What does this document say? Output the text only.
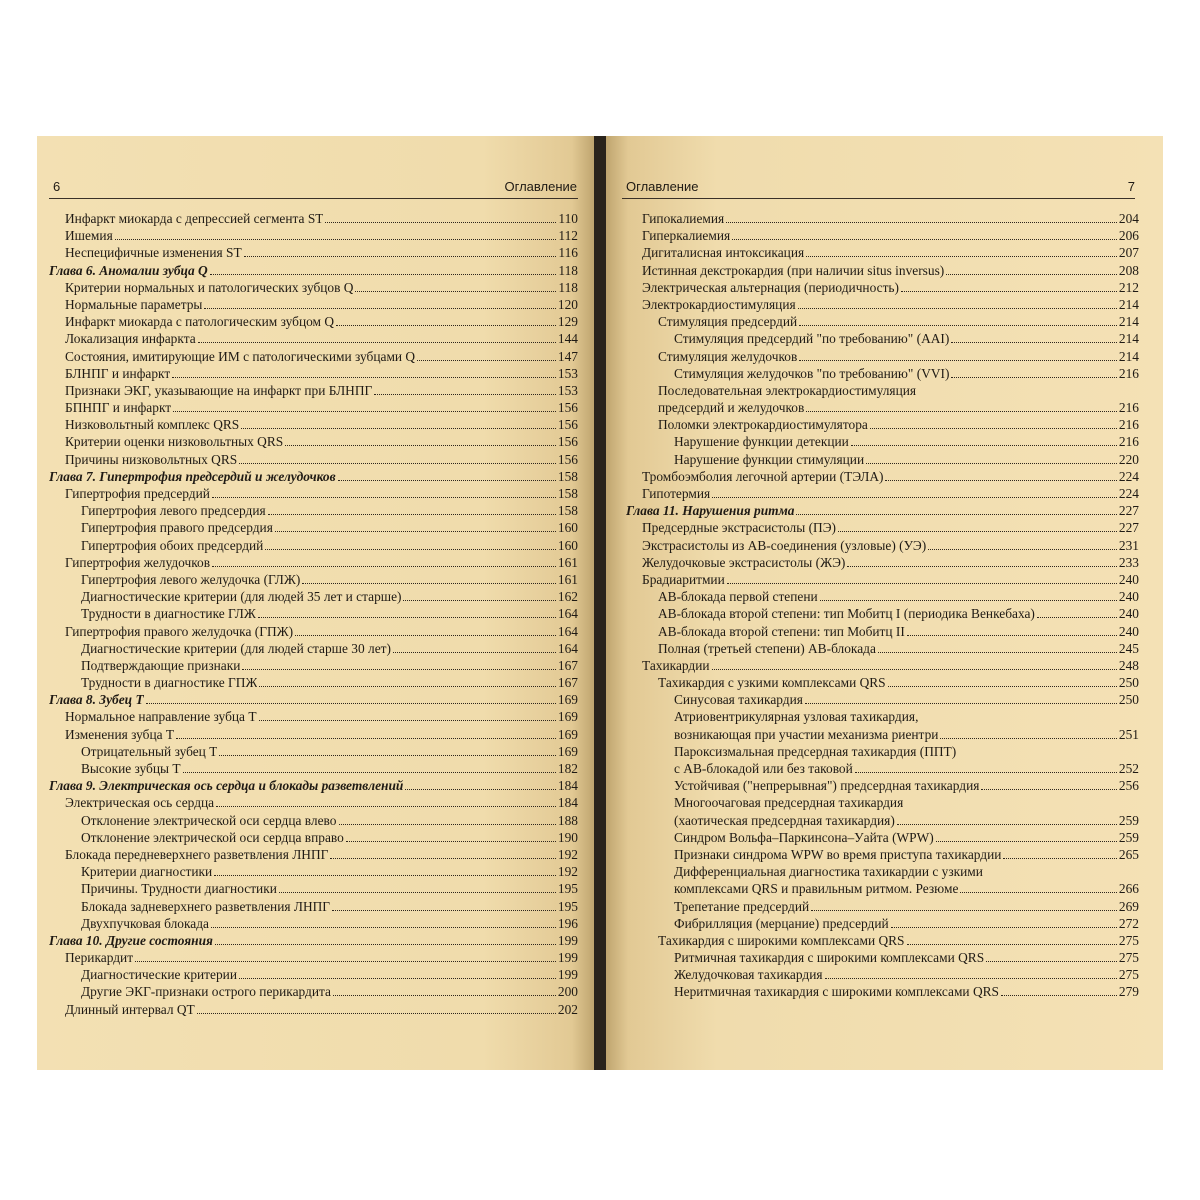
6	Оглавление
Инфаркт миокарда с депрессией сегмента ST	110
Ишемия	112
Неспецифичные изменения ST	116
Глава 6. Аномалии зубца Q	118
Критерии нормальных и патологических зубцов Q	118
Нормальные параметры	120
Инфаркт миокарда с патологическим зубцом Q	129
Локализация инфаркта	144
Состояния, имитирующие ИМ с патологическими зубцами Q	147
БЛНПГ и инфаркт	153
Признаки ЭКГ, указывающие на инфаркт при БЛНПГ	153
БПНПГ и инфаркт	156
Низковольтный комплекс QRS	156
Критерии оценки низковольтных QRS	156
Причины низковольтных QRS	156
Глава 7. Гипертрофия предсердий и желудочков	158
Гипертрофия предсердий	158
Гипертрофия левого предсердия	158
Гипертрофия правого предсердия	160
Гипертрофия обоих предсердий	160
Гипертрофия желудочков	161
Гипертрофия левого желудочка (ГЛЖ)	161
Диагностические критерии (для людей 35 лет и старше)	162
Трудности в диагностике ГЛЖ	164
Гипертрофия правого желудочка (ГПЖ)	164
Диагностические критерии (для людей старше 30 лет)	164
Подтверждающие признаки	167
Трудности в диагностике ГПЖ	167
Глава 8. Зубец T	169
Нормальное направление зубца T	169
Изменения зубца T	169
Отрицательный зубец T	169
Высокие зубцы T	182
Глава 9. Электрическая ось сердца и блокады разветвлений	184
Электрическая ось сердца	184
Отклонение электрической оси сердца влево	188
Отклонение электрической оси сердца вправо	190
Блокада передневерхнего разветвления ЛНПГ	192
Критерии диагностики	192
Причины. Трудности диагностики	195
Блокада задневерхнего разветвления ЛНПГ	195
Двухпучковая блокада	196
Глава 10. Другие состояния	199
Перикардит	199
Диагностические критерии	199
Другие ЭКГ-признаки острого перикардита	200
Длинный интервал QT	202
Оглавление	7
Гипокалиемия	204
Гиперкалиемия	206
Дигиталисная интоксикация	207
Истинная декстрокардия (при наличии situs inversus)	208
Электрическая альтернация (периодичность)	212
Электрокардиостимуляция	214
Стимуляция предсердий	214
Стимуляция предсердий "по требованию" (AAI)	214
Стимуляция желудочков	214
Стимуляция желудочков "по требованию" (VVI)	216
Последовательная электрокардиостимуляция
предсердий и желудочков	216
Поломки электрокардиостимулятора	216
Нарушение функции детекции	216
Нарушение функции стимуляции	220
Тромбоэмболия легочной артерии (ТЭЛА)	224
Гипотермия	224
Глава 11. Нарушения ритма	227
Предсердные экстрасистолы (ПЭ)	227
Экстрасистолы из АВ-соединения (узловые) (УЭ)	231
Желудочковые экстрасистолы (ЖЭ)	233
Брадиаритмии	240
АВ-блокада первой степени	240
АВ-блокада второй степени: тип Мобитц I (периодика Венкебаха)	240
АВ-блокада второй степени: тип Мобитц II	240
Полная (третьей степени) АВ-блокада	245
Тахикардии	248
Тахикардия с узкими комплексами QRS	250
Синусовая тахикардия	250
Атриовентрикулярная узловая тахикардия,
возникающая при участии механизма риентри	251
Пароксизмальная предсердная тахикардия (ППТ)
с АВ-блокадой или без таковой	252
Устойчивая ("непрерывная") предсердная тахикардия	256
Многоочаговая предсердная тахикардия
(хаотическая предсердная тахикардия)	259
Синдром Вольфа–Паркинсона–Уайта (WPW)	259
Признаки синдрома WPW во время приступа тахикардии	265
Дифференциальная диагностика тахикардии с узкими
комплексами QRS и правильным ритмом. Резюме	266
Трепетание предсердий	269
Фибрилляция (мерцание) предсердий	272
Тахикардия с широкими комплексами QRS	275
Ритмичная тахикардия с широкими комплексами QRS	275
Желудочковая тахикардия	275
Неритмичная тахикардия с широкими комплексами QRS	279
